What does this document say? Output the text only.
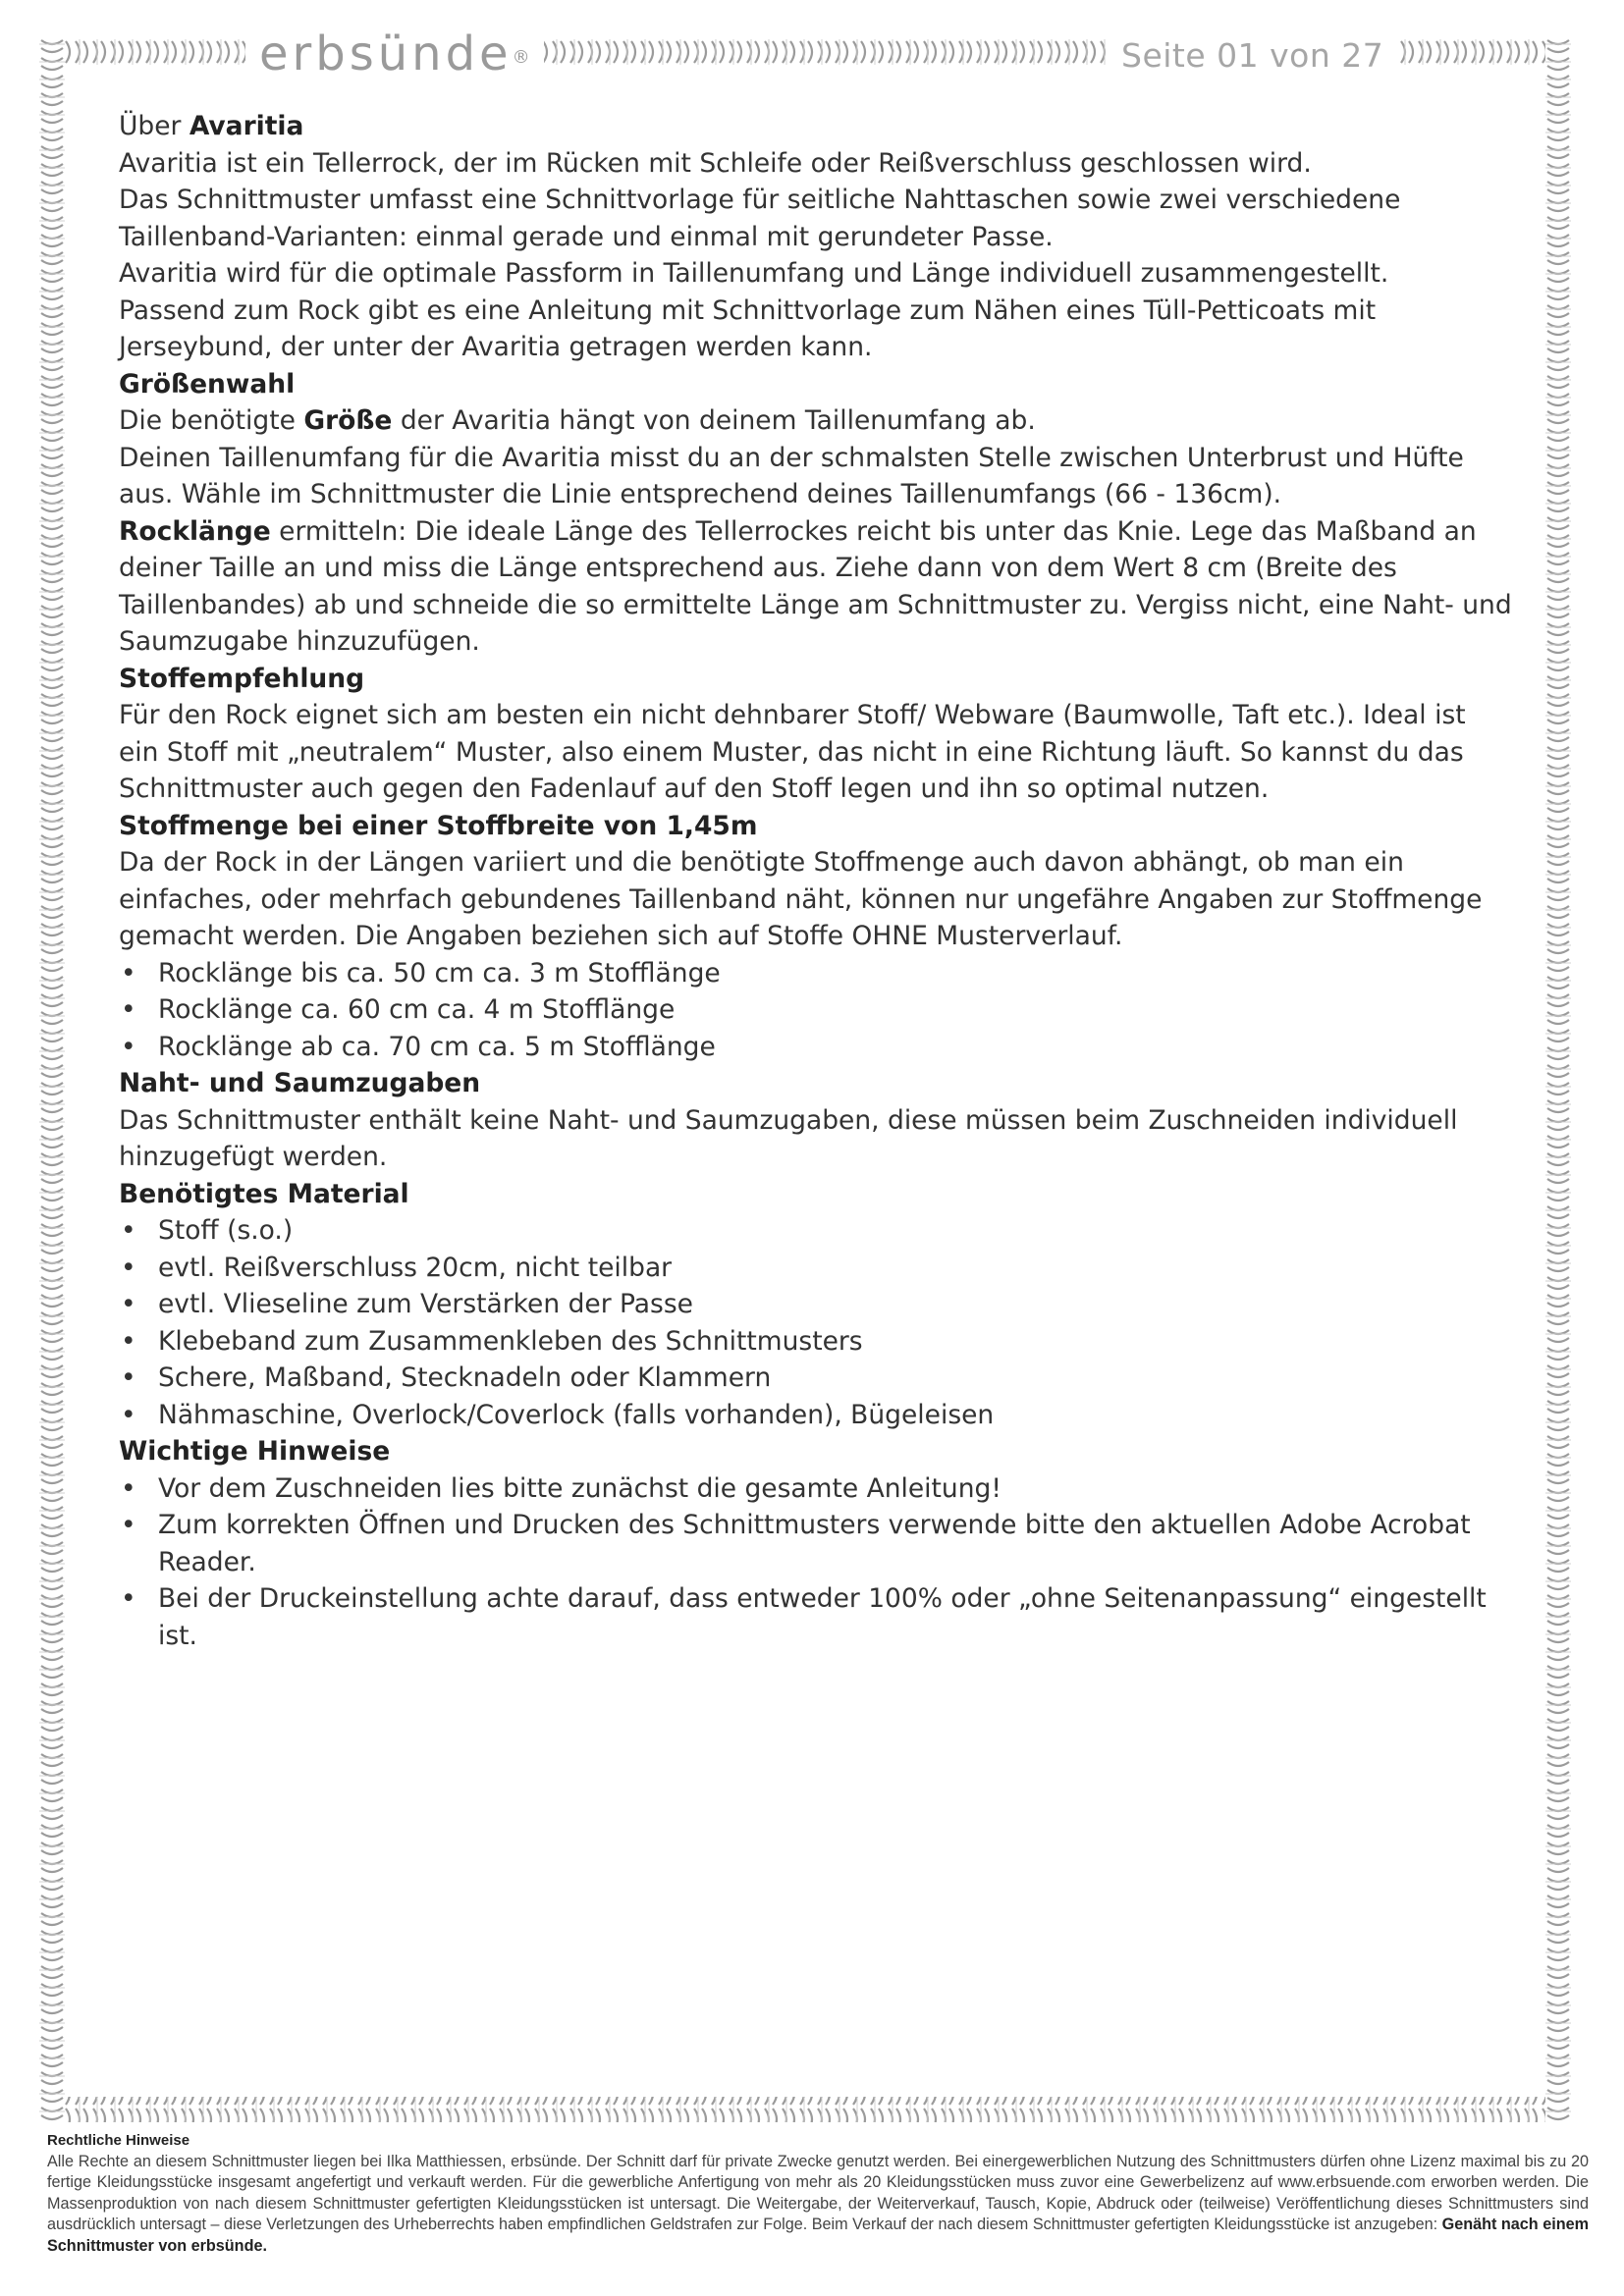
erbsünde®	Seite 01 von 27

Über Avaritia

Avaritia ist ein Tellerrock, der im Rücken mit Schleife oder Reißverschluss geschlossen wird.

Das Schnittmuster umfasst eine Schnittvorlage für seitliche Nahttaschen sowie zwei verschiedene Taillenband-Varianten: einmal gerade und einmal mit gerundeter Passe.

Avaritia wird für die optimale Passform in Taillenumfang und Länge individuell zusammengestellt.

Passend zum Rock gibt es eine Anleitung mit Schnittvorlage zum Nähen eines Tüll-Petticoats mit Jerseybund, der unter der Avaritia getragen werden kann.

Größenwahl

Die benötigte Größe der Avaritia hängt von deinem Taillenumfang ab.

Deinen Taillenumfang für die Avaritia misst du an der schmalsten Stelle zwischen Unterbrust und Hüfte aus. Wähle im Schnittmuster die Linie entsprechend deines Taillenumfangs (66 - 136cm).

Rocklänge ermitteln: Die ideale Länge des Tellerrockes reicht bis unter das Knie. Lege das Maßband an deiner Taille an und miss die Länge entsprechend aus. Ziehe dann von dem Wert 8 cm (Breite des Taillenbandes) ab und schneide die so ermittelte Länge am Schnittmuster zu. Vergiss nicht, eine Naht- und Saumzugabe hinzuzufügen.

Stoffempfehlung

Für den Rock eignet sich am besten ein nicht dehnbarer Stoff/ Webware (Baumwolle, Taft etc.). Ideal ist ein Stoff mit „neutralem“ Muster, also einem Muster, das nicht in eine Richtung läuft. So kannst du das Schnittmuster auch gegen den Fadenlauf auf den Stoff legen und ihn so optimal nutzen.

Stoffmenge bei einer Stoffbreite von 1,45m

Da der Rock in der Längen variiert und die benötigte Stoffmenge auch davon abhängt, ob man ein einfaches, oder mehrfach gebundenes Taillenband näht, können nur ungefähre Angaben zur Stoffmenge gemacht werden. Die Angaben beziehen sich auf Stoffe OHNE Musterverlauf.

• Rocklänge bis ca. 50 cm ca. 3 m Stofflänge
• Rocklänge ca. 60 cm ca. 4 m Stofflänge
• Rocklänge ab ca. 70 cm ca. 5 m Stofflänge

Naht- und Saumzugaben

Das Schnittmuster enthält keine Naht- und Saumzugaben, diese müssen beim Zuschneiden individuell hinzugefügt werden.

Benötigtes Material

• Stoff (s.o.)
• evtl. Reißverschluss 20cm, nicht teilbar
• evtl. Vlieseline zum Verstärken der Passe
• Klebeband zum Zusammenkleben des Schnittmusters
• Schere, Maßband, Stecknadeln oder Klammern
• Nähmaschine, Overlock/Coverlock (falls vorhanden), Bügeleisen

Wichtige Hinweise

• Vor dem Zuschneiden lies bitte zunächst die gesamte Anleitung!
• Zum korrekten Öffnen und Drucken des Schnittmusters verwende bitte den aktuellen Adobe Acrobat Reader.
• Bei der Druckeinstellung achte darauf, dass entweder 100% oder „ohne Seitenanpassung“ eingestellt ist.
Rechtliche Hinweise
Alle Rechte an diesem Schnittmuster liegen bei Ilka Matthiessen, erbsünde. Der Schnitt darf für private Zwecke genutzt werden. Bei einergewerblichen Nutzung des Schnittmusters dürfen ohne Lizenz maximal bis zu 20 fertige Kleidungsstücke insgesamt angefertigt und verkauft werden. Für die gewerbliche Anfertigung von mehr als 20 Kleidungsstücken muss zuvor eine Gewerbelizenz auf www.erbsuende.com erworben werden. Die Massenproduktion von nach diesem Schnittmuster gefertigten Kleidungsstücken ist untersagt. Die Weitergabe, der Weiterverkauf, Tausch, Kopie, Abdruck oder (teilweise) Veröffentlichung dieses Schnittmusters sind ausdrücklich untersagt – diese Verletzungen des Urheberrechts haben empfindlichen Geldstrafen zur Folge. Beim Verkauf der nach diesem Schnittmuster gefertigten Kleidungsstücke ist anzugeben: Genäht nach einem Schnittmuster von erbsünde.
